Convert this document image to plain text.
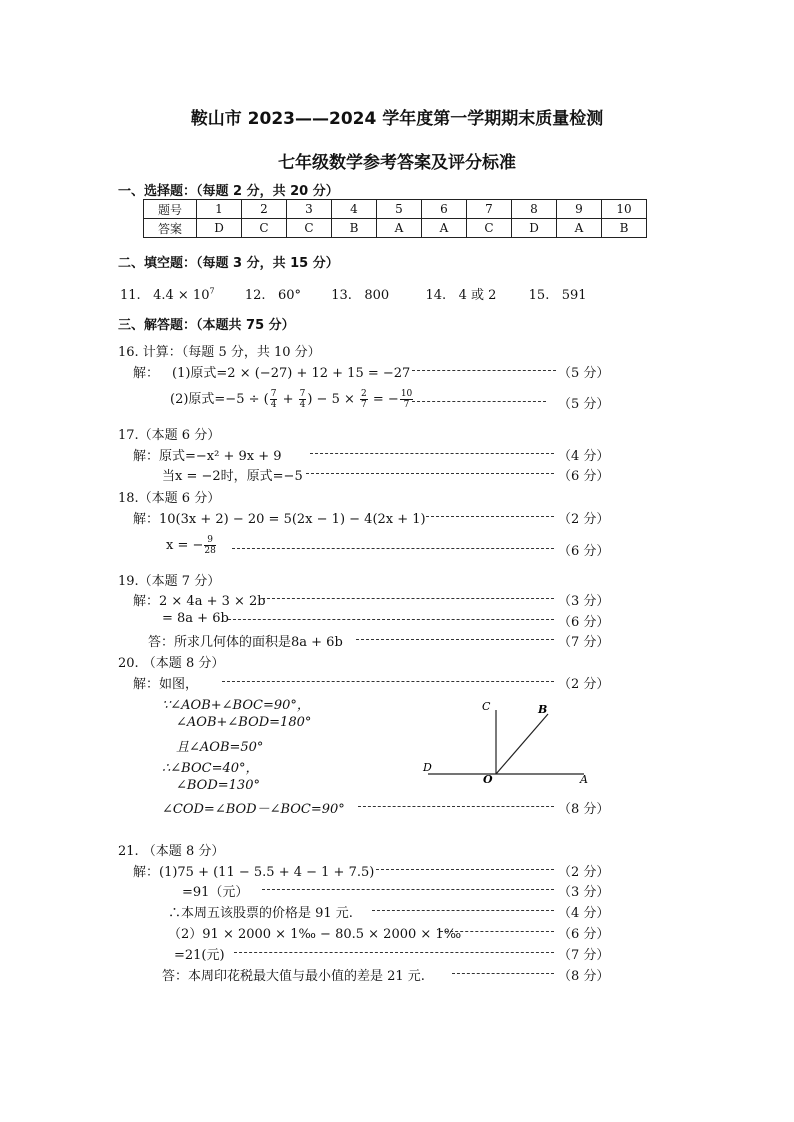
鞍山市 2023——2024 学年度第一学期期末质量检测
七年级数学参考答案及评分标准
一、选择题：（每题 2 分，共 20 分）
题号	1	2	3	4	5	6	7	8	9	10
答案	D	C	C	B	A	A	C	D	A	B
二、填空题：（每题 3 分，共 15 分）
11. $4.4 \times 10^7$ 12. 60° 13. 800	14. 4 或 2 15. 591
三、解答题：（本题共 75 分）
16. 计算：（每题 5 分，共 10 分）
解： (1)原式=2 × (−27) + 12 + 15 = −27	（5 分）
(2)原式=−5 ÷ ( $\frac{7}{4} + \frac{7}{4}$ ) − $5 \times \frac{2}{7}$ = − $\frac{10}{7}$	（5 分）
17.（本题 6 分）
解：原式=−x² + 9x + 9	（4 分）
当x = −2时，原式=−5	（6 分）
18.（本题 6 分）
解：10(3x + 2) − 20 = 5(2x − 1) − 4(2x + 1)	（2 分）
x = − $\frac{9}{28}$	（6 分）
19.（本题 7 分）
解：2 × 4a + 3 × 2b	（3 分）
= 8a + 6b	（6 分）
答：所求几何体的面积是8a + 6b	（7 分）
20. （本题 8 分）
解：如图，	（2 分）
∵∠AOB+∠BOC=90°，
∠AOB+∠BOD=180°
且∠AOB=50°
∴∠BOC=40°，
∠BOD=130°
∠COD=∠BOD－∠BOC=90°	（8 分）
C	B
D
O	A
21. （本题 8 分）
解：(1)75 + (11 − 5.5 + 4 − 1 + 7.5)	（2 分）
=91（元）	（3 分）
∴本周五该股票的价格是 91 元.	（4 分）
（2）91 × 2000 × 1‰ − 80.5 × 2000 × 1‰	（6 分）
=21(元)	（7 分）
答：本周印花税最大值与最小值的差是 21 元.	（8 分）
